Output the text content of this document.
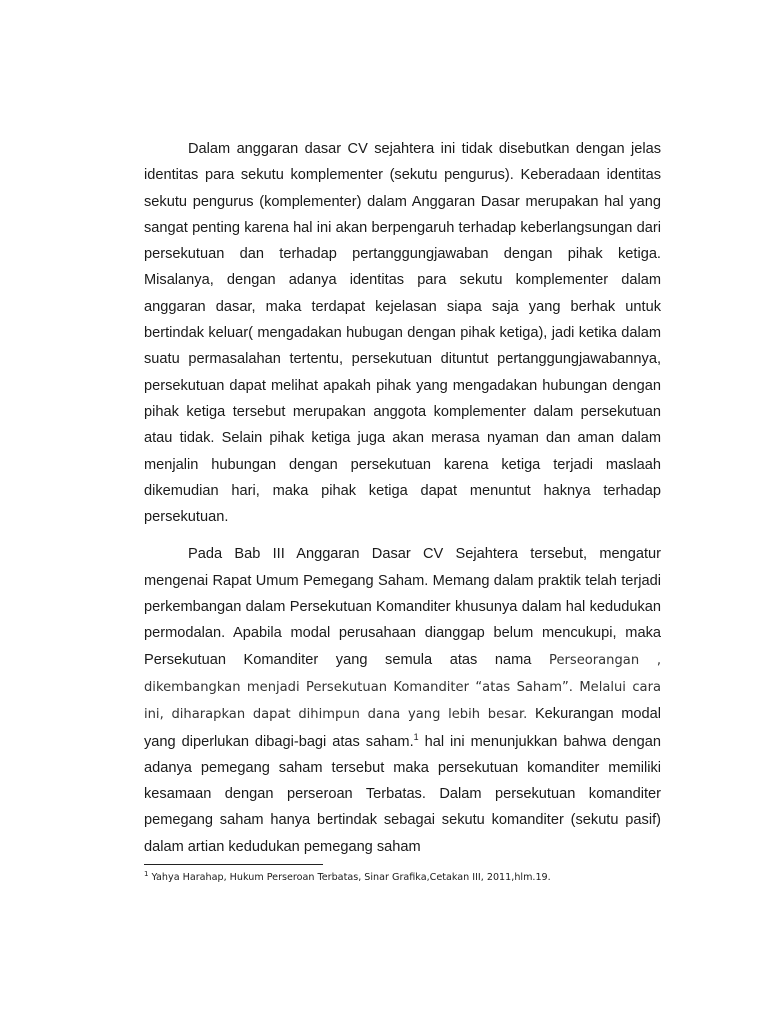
Dalam anggaran dasar CV sejahtera ini tidak disebutkan dengan jelas identitas para sekutu komplementer (sekutu pengurus). Keberadaan identitas sekutu pengurus (komplementer) dalam Anggaran Dasar merupakan hal yang sangat penting karena hal ini akan berpengaruh terhadap keberlangsungan dari persekutuan dan terhadap pertanggungjawaban dengan pihak ketiga. Misalanya, dengan adanya identitas para sekutu komplementer dalam anggaran dasar, maka terdapat kejelasan siapa saja yang berhak untuk bertindak keluar( mengadakan hubugan dengan pihak ketiga), jadi ketika dalam suatu permasalahan tertentu, persekutuan dituntut pertanggungjawabannya, persekutuan dapat melihat apakah pihak yang mengadakan hubungan dengan pihak ketiga tersebut merupakan anggota komplementer dalam persekutuan atau tidak. Selain pihak ketiga juga akan merasa nyaman dan aman dalam menjalin hubungan dengan persekutuan karena ketiga terjadi maslaah dikemudian hari, maka pihak ketiga dapat menuntut haknya terhadap persekutuan.

Pada Bab III Anggaran Dasar CV Sejahtera tersebut, mengatur mengenai Rapat Umum Pemegang Saham. Memang dalam praktik telah terjadi perkembangan dalam Persekutuan Komanditer khusunya dalam hal kedudukan permodalan. Apabila modal perusahaan dianggap belum mencukupi, maka Persekutuan Komanditer yang semula atas nama Perseorangan , dikembangkan menjadi Persekutuan Komanditer “atas Saham”. Melalui cara ini, diharapkan dapat dihimpun dana yang lebih besar. Kekurangan modal yang diperlukan dibagi-bagi atas saham.$^1$ hal ini menunjukkan bahwa dengan adanya pemegang saham tersebut maka persekutuan komanditer memiliki kesamaan dengan perseroan Terbatas. Dalam persekutuan komanditer pemegang saham hanya bertindak sebagai sekutu komanditer (sekutu pasif) dalam artian kedudukan pemegang saham

$^1$ Yahya Harahap, Hukum Perseroan Terbatas, Sinar Grafika,Cetakan III, 2011,hlm.19.
